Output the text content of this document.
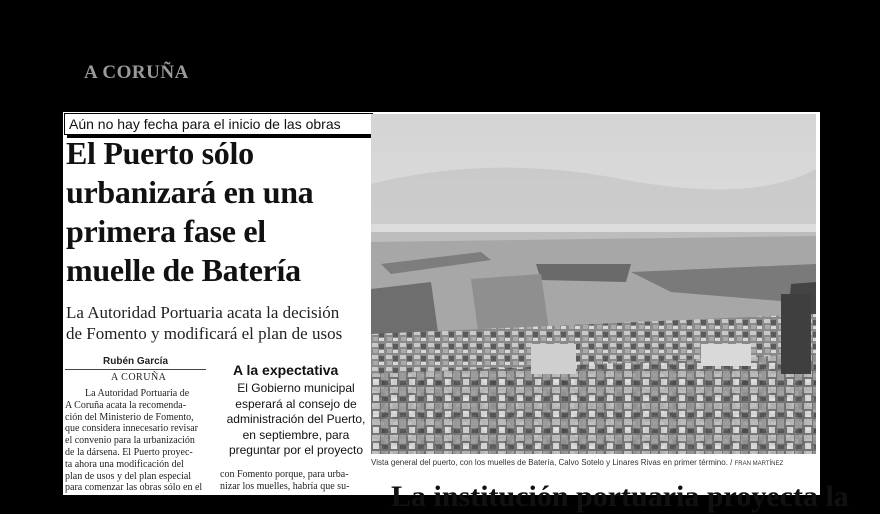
A CORUÑA
Aún no hay fecha para el inicio de las obras
El Puerto sólo
urbanizará en una
primera fase el
muelle de Batería
La Autoridad Portuaria acata la decisión
de Fomento y modificará el plan de usos
Rubén García
A CORUÑA
La Autoridad Portuaria de
A Coruña acata la recomenda-
ción del Ministerio de Fomento,
que considera innecesario revisar
el convenio para la urbanización
de la dársena. El Puerto proyec-
ta ahora una modificación del
plan de usos y del plan especial
para comenzar las obras sólo en el
A la expectativa
El Gobierno municipal
esperará al consejo de
administración del Puerto,
en septiembre, para
preguntar por el proyecto
con Fomento porque, para urba-
nizar los muelles, habría que su-
Vista general del puerto, con los muelles de Batería, Calvo Sotelo y Linares Rivas en primer término. / FRAN MARTÍNEZ
La institución portuaria proyecta la
